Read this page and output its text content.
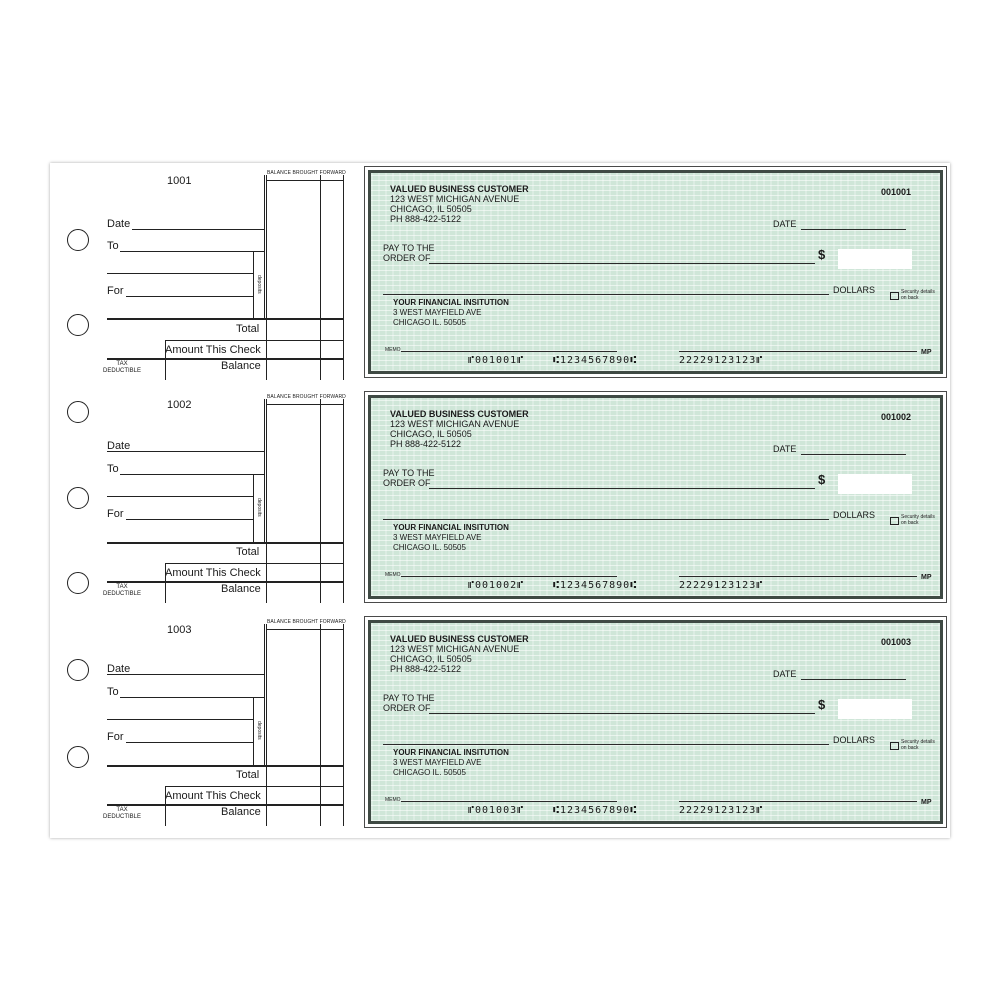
1001
BALANCE BROUGHT FORWARD
Date
To
For	deposits
Total
Amount This Check
TAX
DEDUCTIBLE	Balance
1002
BALANCE BROUGHT FORWARD
Date
To
For	deposits
Total
Amount This Check
TAX
DEDUCTIBLE	Balance
1003
BALANCE BROUGHT FORWARD
Date
To
For	deposits
Total
Amount This Check
TAX
DEDUCTIBLE	Balance
VALUED BUSINESS CUSTOMER
123 WEST MICHIGAN AVENUE
CHICAGO, IL 50505
PH 888-422-5122
001001
DATE
PAY TO THE
ORDER OF	$
DOLLARS	Security details
on back
YOUR FINANCIAL INSITUTION
3 WEST MAYFIELD AVE
CHICAGO IL. 50505
MEMO	MP
⑈001001⑈	⑆1234567890⑆	22229123123⑈
VALUED BUSINESS CUSTOMER
123 WEST MICHIGAN AVENUE
CHICAGO, IL 50505
PH 888-422-5122
001002
DATE
PAY TO THE
ORDER OF	$
DOLLARS	Security details
on back
YOUR FINANCIAL INSITUTION
3 WEST MAYFIELD AVE
CHICAGO IL. 50505
MEMO	MP
⑈001002⑈	⑆1234567890⑆	22229123123⑈
VALUED BUSINESS CUSTOMER
123 WEST MICHIGAN AVENUE
CHICAGO, IL 50505
PH 888-422-5122
001003
DATE
PAY TO THE
ORDER OF	$
DOLLARS	Security details
on back
YOUR FINANCIAL INSITUTION
3 WEST MAYFIELD AVE
CHICAGO IL. 50505
MEMO	MP
⑈001003⑈	⑆1234567890⑆	22229123123⑈
